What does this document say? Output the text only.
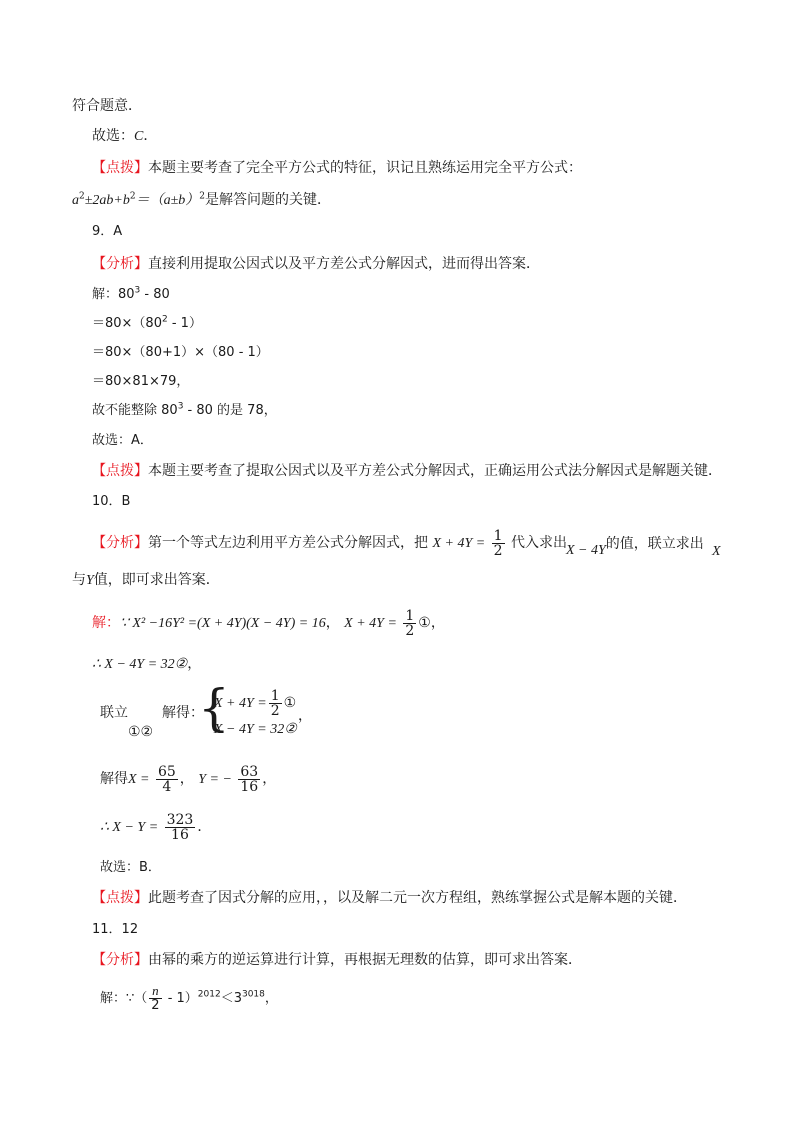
符合题意．
故选：C．
【点拨】本题主要考查了完全平方公式的特征，识记且熟练运用完全平方公式：
$a^2\pm 2ab+b^2=(a\pm b)^2$是解答问题的关键．
9．A
【分析】直接利用提取公因式以及平方差公式分解因式，进而得出答案．
解：$80^3 - 80$
$=80\times(80^2 - 1)$
＝80×（80+1）×（80 - 1）
＝80×81×79，
故不能整除 $80^3 - 80$ 的是 78，
故选：A．
【点拨】本题主要考查了提取公因式以及平方差公式分解因式，正确运用公式法分解因式是解题关键．
10．B
【分析】第一个等式左边利用平方差公式分解因式，把 $X + 4Y = \frac{1}{2}$ 代入求出
X − 4Y的值，联立求出 X
与Y值，即可求出答案．
解：∵ X² −16Y² =(X + 4Y)(X − 4Y) = 16， $X + 4Y = \frac{1}{2}$ ①，
∴ X − 4Y = 32②，
联立
①②
解得：
{
$X + 4Y = \frac{1}{2}$ ①
X − 4Y = 32②
，
解得$X = \frac{65}{4}$ ， Y = − $\frac{63}{16}$ ，
∴ $X - Y = \frac{323}{16}$ ．
故选：B．
【点拨】此题考查了因式分解的应用，，以及解二元一次方程组，熟练掌握公式是解本题的关键．
11．12
【分析】由幂的乘方的逆运算进行计算，再根据无理数的估算，即可求出答案．
解：∵（ $\frac{n}{2} - 1)^{2012}<3^{3018}$，
